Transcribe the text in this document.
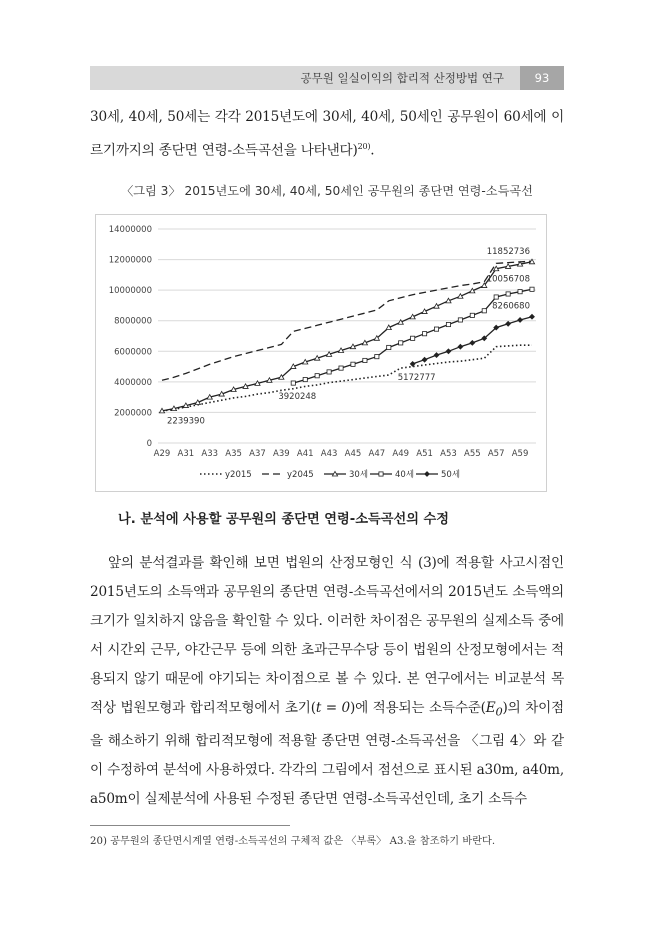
공무원 일실이익의 합리적 산정방법 연구	93

30세, 40세, 50세는 각각 2015년도에 30세, 40세, 50세인 공무원이 60세에 이르기까지의 종단면 연령-소득곡선을 나타낸다)$^{20)}$.

〈그림 3〉 2015년도에 30세, 40세, 50세인 공무원의 종단면 연령-소득곡선
0
2000000
4000000
6000000
8000000
10000000
12000000
14000000
A29 A31 A33 A35 A37 A39 A41 A43 A45 A47 A49 A51 A53 A55 A57 A59
11852736
10056708
8260680
5172777
3920248
2239390
y2015	y2045	30세	40세	50세
나. 분석에 사용할 공무원의 종단면 연령-소득곡선의 수정

앞의 분석결과를 확인해 보면 법원의 산정모형인 식 (3)에 적용할 사고시점인 2015년도의 소득액과 공무원의 종단면 연령-소득곡선에서의 2015년도 소득액의 크기가 일치하지 않음을 확인할 수 있다. 이러한 차이점은 공무원의 실제소득 중에서 시간외 근무, 야간근무 등에 의한 초과근무수당 등이 법원의 산정모형에서는 적용되지 않기 때문에 야기되는 차이점으로 볼 수 있다. 본 연구에서는 비교분석 목적상 법원모형과 합리적모형에서 초기(t = 0)에 적용되는 소득수준$(E_0)$의 차이점을 해소하기 위해 합리적모형에 적용할 종단면 연령-소득곡선을 〈그림 4〉와 같이 수정하여 분석에 사용하였다. 각각의 그림에서 점선으로 표시된 a30m, a40m, a50m이 실제분석에 사용된 수정된 종단면 연령-소득곡선인데, 초기 소득수

20) 공무원의 종단면시계열 연령-소득곡선의 구체적 값은 〈부록〉 A3.을 참조하기 바란다.
